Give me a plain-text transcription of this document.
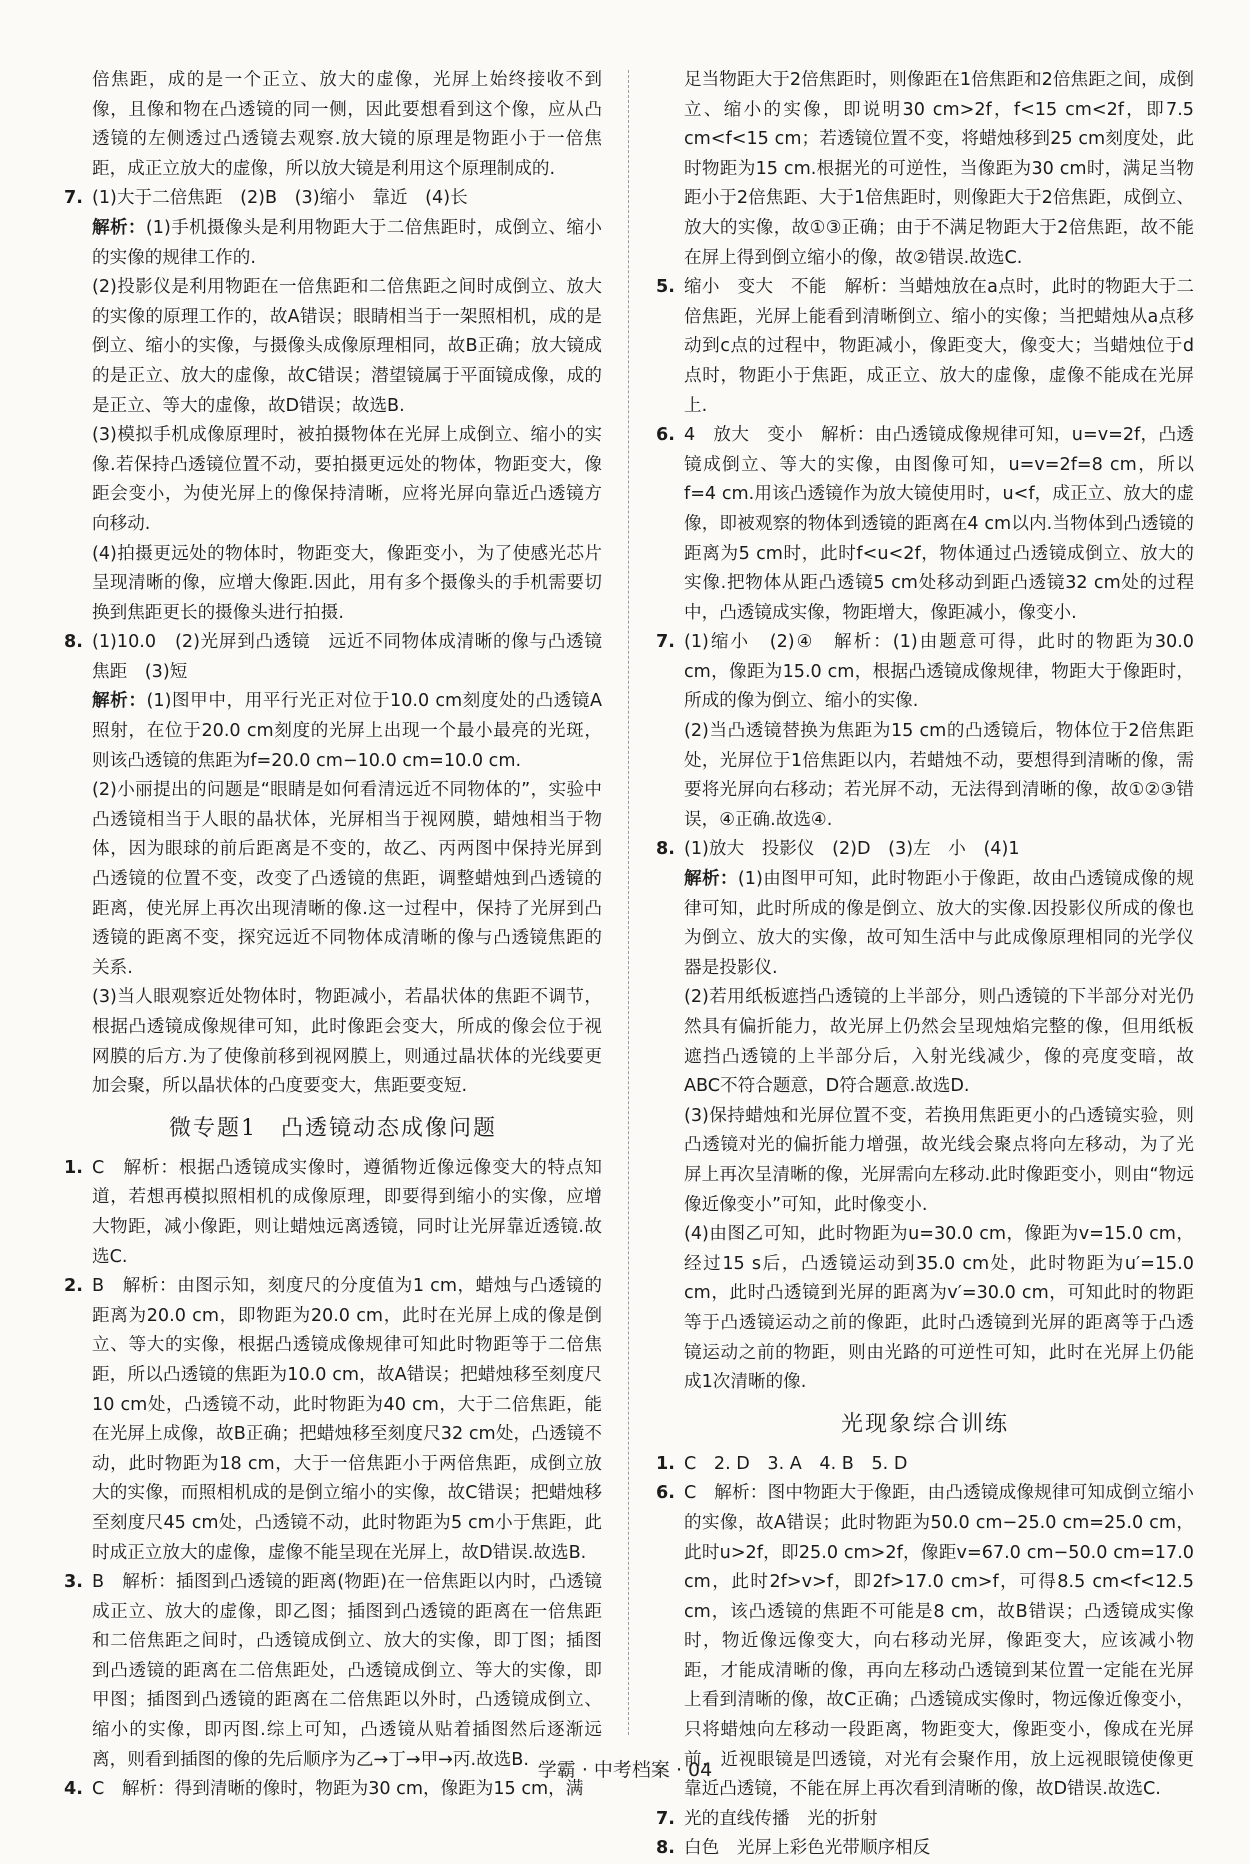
倍焦距，成的是一个正立、放大的虚像，光屏上始终接收不到像，且像和物在凸透镜的同一侧，因此要想看到这个像，应从凸透镜的左侧透过凸透镜去观察.放大镜的原理是物距小于一倍焦距，成正立放大的虚像，所以放大镜是利用这个原理制成的.

7. (1)大于二倍焦距　(2)B　(3)缩小　靠近　(4)长

解析：(1)手机摄像头是利用物距大于二倍焦距时，成倒立、缩小的实像的规律工作的.

(2)投影仪是利用物距在一倍焦距和二倍焦距之间时成倒立、放大的实像的原理工作的，故A错误；眼睛相当于一架照相机，成的是倒立、缩小的实像，与摄像头成像原理相同，故B正确；放大镜成的是正立、放大的虚像，故C错误；潜望镜属于平面镜成像，成的是正立、等大的虚像，故D错误；故选B.

(3)模拟手机成像原理时，被拍摄物体在光屏上成倒立、缩小的实像.若保持凸透镜位置不动，要拍摄更远处的物体，物距变大，像距会变小，为使光屏上的像保持清晰，应将光屏向靠近凸透镜方向移动.

(4)拍摄更远处的物体时，物距变大，像距变小，为了使感光芯片呈现清晰的像，应增大像距.因此，用有多个摄像头的手机需要切换到焦距更长的摄像头进行拍摄.

8. (1)10.0　(2)光屏到凸透镜　远近不同物体成清晰的像与凸透镜焦距　(3)短

解析：(1)图甲中，用平行光正对位于10.0 cm刻度处的凸透镜A照射，在位于20.0 cm刻度的光屏上出现一个最小最亮的光斑，则该凸透镜的焦距为f=20.0 cm−10.0 cm=10.0 cm.

(2)小丽提出的问题是“眼睛是如何看清远近不同物体的”，实验中凸透镜相当于人眼的晶状体，光屏相当于视网膜，蜡烛相当于物体，因为眼球的前后距离是不变的，故乙、丙两图中保持光屏到凸透镜的位置不变，改变了凸透镜的焦距，调整蜡烛到凸透镜的距离，使光屏上再次出现清晰的像.这一过程中，保持了光屏到凸透镜的距离不变，探究远近不同物体成清晰的像与凸透镜焦距的关系.

(3)当人眼观察近处物体时，物距减小，若晶状体的焦距不调节，根据凸透镜成像规律可知，此时像距会变大，所成的像会位于视网膜的后方.为了使像前移到视网膜上，则通过晶状体的光线要更加会聚，所以晶状体的凸度要变大，焦距要变短.

微专题1　凸透镜动态成像问题

1. C　解析：根据凸透镜成实像时，遵循物近像远像变大的特点知道，若想再模拟照相机的成像原理，即要得到缩小的实像，应增大物距，减小像距，则让蜡烛远离透镜，同时让光屏靠近透镜.故选C.

2. B　解析：由图示知，刻度尺的分度值为1 cm，蜡烛与凸透镜的距离为20.0 cm，即物距为20.0 cm，此时在光屏上成的像是倒立、等大的实像，根据凸透镜成像规律可知此时物距等于二倍焦距，所以凸透镜的焦距为10.0 cm，故A错误；把蜡烛移至刻度尺10 cm处，凸透镜不动，此时物距为40 cm，大于二倍焦距，能在光屏上成像，故B正确；把蜡烛移至刻度尺32 cm处，凸透镜不动，此时物距为18 cm，大于一倍焦距小于两倍焦距，成倒立放大的实像，而照相机成的是倒立缩小的实像，故C错误；把蜡烛移至刻度尺45 cm处，凸透镜不动，此时物距为5 cm小于焦距，此时成正立放大的虚像，虚像不能呈现在光屏上，故D错误.故选B.

3. B　解析：插图到凸透镜的距离(物距)在一倍焦距以内时，凸透镜成正立、放大的虚像，即乙图；插图到凸透镜的距离在一倍焦距和二倍焦距之间时，凸透镜成倒立、放大的实像，即丁图；插图到凸透镜的距离在二倍焦距处，凸透镜成倒立、等大的实像，即甲图；插图到凸透镜的距离在二倍焦距以外时，凸透镜成倒立、缩小的实像，即丙图.综上可知，凸透镜从贴着插图然后逐渐远离，则看到插图的像的先后顺序为乙→丁→甲→丙.故选B.

4. C　解析：得到清晰的像时，物距为30 cm，像距为15 cm，满

足当物距大于2倍焦距时，则像距在1倍焦距和2倍焦距之间，成倒立、缩小的实像，即说明30 cm>2f，f<15 cm<2f，即7.5 cm<f<15 cm；若透镜位置不变，将蜡烛移到25 cm刻度处，此时物距为15 cm.根据光的可逆性，当像距为30 cm时，满足当物距小于2倍焦距、大于1倍焦距时，则像距大于2倍焦距，成倒立、放大的实像，故①③正确；由于不满足物距大于2倍焦距，故不能在屏上得到倒立缩小的像，故②错误.故选C.

5. 缩小　变大　不能　解析：当蜡烛放在a点时，此时的物距大于二倍焦距，光屏上能看到清晰倒立、缩小的实像；当把蜡烛从a点移动到c点的过程中，物距减小，像距变大，像变大；当蜡烛位于d点时，物距小于焦距，成正立、放大的虚像，虚像不能成在光屏上.

6. 4　放大　变小　解析：由凸透镜成像规律可知，u=v=2f，凸透镜成倒立、等大的实像，由图像可知，u=v=2f=8 cm，所以f=4 cm.用该凸透镜作为放大镜使用时，u<f，成正立、放大的虚像，即被观察的物体到透镜的距离在4 cm以内.当物体到凸透镜的距离为5 cm时，此时f<u<2f，物体通过凸透镜成倒立、放大的实像.把物体从距凸透镜5 cm处移动到距凸透镜32 cm处的过程中，凸透镜成实像，物距增大，像距减小，像变小.

7. (1)缩小　(2)④　解析：(1)由题意可得，此时的物距为30.0 cm，像距为15.0 cm，根据凸透镜成像规律，物距大于像距时，所成的像为倒立、缩小的实像.

(2)当凸透镜替换为焦距为15 cm的凸透镜后，物体位于2倍焦距处，光屏位于1倍焦距以内，若蜡烛不动，要想得到清晰的像，需要将光屏向右移动；若光屏不动，无法得到清晰的像，故①②③错误，④正确.故选④.

8. (1)放大　投影仪　(2)D　(3)左　小　(4)1

解析：(1)由图甲可知，此时物距小于像距，故由凸透镜成像的规律可知，此时所成的像是倒立、放大的实像.因投影仪所成的像也为倒立、放大的实像，故可知生活中与此成像原理相同的光学仪器是投影仪.

(2)若用纸板遮挡凸透镜的上半部分，则凸透镜的下半部分对光仍然具有偏折能力，故光屏上仍然会呈现烛焰完整的像，但用纸板遮挡凸透镜的上半部分后，入射光线减少，像的亮度变暗，故ABC不符合题意，D符合题意.故选D.

(3)保持蜡烛和光屏位置不变，若换用焦距更小的凸透镜实验，则凸透镜对光的偏折能力增强，故光线会聚点将向左移动，为了光屏上再次呈清晰的像，光屏需向左移动.此时像距变小，则由“物远像近像变小”可知，此时像变小.

(4)由图乙可知，此时物距为u=30.0 cm，像距为v=15.0 cm，经过15 s后，凸透镜运动到35.0 cm处，此时物距为u′=15.0 cm，此时凸透镜到光屏的距离为v′=30.0 cm，可知此时的物距等于凸透镜运动之前的像距，此时凸透镜到光屏的距离等于凸透镜运动之前的物距，则由光路的可逆性可知，此时在光屏上仍能成1次清晰的像.

光现象综合训练

1. C　2. D　3. A　4. B　5. D

6. C　解析：图中物距大于像距，由凸透镜成像规律可知成倒立缩小的实像，故A错误；此时物距为50.0 cm−25.0 cm=25.0 cm，此时u>2f，即25.0 cm>2f，像距v=67.0 cm−50.0 cm=17.0 cm，此时2f>v>f，即2f>17.0 cm>f，可得8.5 cm<f<12.5 cm，该凸透镜的焦距不可能是8 cm，故B错误；凸透镜成实像时，物近像远像变大，向右移动光屏，像距变大，应该减小物距，才能成清晰的像，再向左移动凸透镜到某位置一定能在光屏上看到清晰的像，故C正确；凸透镜成实像时，物远像近像变小，只将蜡烛向左移动一段距离，物距变大，像距变小，像成在光屏前，近视眼镜是凹透镜，对光有会聚作用，放上远视眼镜使像更靠近凸透镜，不能在屏上再次看到清晰的像，故D错误.故选C.

7. 光的直线传播　光的折射

8. 白色　光屏上彩色光带顺序相反

学霸 · 中考档案 · 04
